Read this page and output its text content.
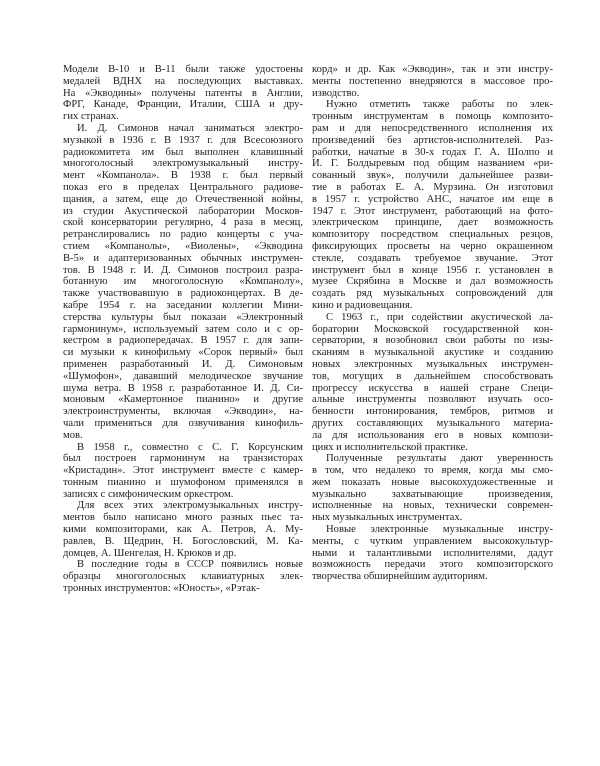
Модели В-10 и В-11 были также удостоены
медалей ВДНХ на последующих выставках.
На «Экводины» получены патенты в Англии,
ФРГ, Канаде, Франции, Италии, США и дру-
гих странах.
И. Д. Симонов начал заниматься электро-
музыкой в 1936 г. В 1937 г. для Всесоюзного
радиокомитета им был выполнен клавишный
многоголосный электромузыкальный инстру-
мент «Компанола». В 1938 г. был первый
показ его в пределах Центрального радиове-
щания, а затем, еще до Отечественной войны,
из студии Акустической лаборатории Москов-
ской консерватории регулярно, 4 раза в месяц,
ретранслировались по радио концерты с уча-
стием «Компанолы», «Виолены», «Экводина
В-5» и адаптеризованных обычных инструмен-
тов. В 1948 г. И. Д. Симонов построил разра-
ботанную им многоголосную «Компанолу»,
также участвовавшую в радиоконцертах. В де-
кабре 1954 г. на заседании коллегии Мини-
стерства культуры был показан «Электронный
гармонинум», используемый затем соло и с ор-
кестром в радиопередачах. В 1957 г. для запи-
си музыки к кинофильму «Сорок первый» был
применен разработанный И. Д. Симоновым
«Шумофон», дававший мелодическое звучание
шума ветра. В 1958 г. разработанное И. Д. Си-
моновым «Камертонное пианино» и другие
электроинструменты, включая «Экводин», на-
чали применяться для озвучивания кинофиль-
мов.
В 1958 г., совместно с С. Г. Корсунским
был построен гармонинум на транзисторах
«Кристадин». Этот инструмент вместе с камер-
тонным пианино и шумофоном применялся в
записях с симфоническим оркестром.
Для всех этих электромузыкальных инстру-
ментов было написано много разных пьес та-
кими композиторами, как А. Петров, А. Му-
равлев, В. Щедрин, Н. Богословский, М. Ка-
домцев, А. Шенгелая, Н. Крюков и др.
В последние годы в СССР появились новые
образцы многоголосных клавиатурных элек-
тронных инструментов: «Юность», «Рэтак-
корд» и др. Как «Экводин», так и эти инстру-
менты постепенно внедряются в массовое про-
изводство.
Нужно отметить также работы по элек-
тронным инструментам в помощь композито-
рам и для непосредственного исполнения их
произведений без артистов-исполнителей. Раз-
работки, начатые в 30-х годах Г. А. Шолпо и
И. Г. Болдыревым под общим названием «ри-
сованный звук», получили дальнейшее разви-
тие в работах Е. А. Мурзина. Он изготовил
в 1957 г. устройство АНС, начатое им еще в
1947 г. Этот инструмент, работающий на фото-
электрическом принципе, дает возможность
композитору посредством специальных резцов,
фиксирующих просветы на черно окрашенном
стекле, создавать требуемое звучание. Этот
инструмент был в конце 1956 г. установлен в
музее Скрябина в Москве и дал возможность
создать ряд музыкальных сопровождений для
кино и радиовещания.
С 1963 г., при содействии акустической ла-
боратории Московской государственной кон-
серватории, я возобновил свои работы по изы-
сканиям в музыкальной акустике и созданию
новых электронных музыкальных инструмен-
тов, могущих в дальнейшем способствовать
прогрессу искусства в нашей стране Специ-
альные инструменты позволяют изучать осо-
бенности интонирования, тембров, ритмов и
других составляющих музыкального материа-
ла для использования его в новых компози-
циях и исполнительской практике.
Полученные результаты дают уверенность
в том, что недалеко то время, когда мы смо-
жем показать новые высокохудожественные и
музыкально захватывающие произведения,
исполненные на новых, технически современ-
ных музыкальных инструментах.
Новые электронные музыкальные инстру-
менты, с чутким управлением высококультур-
ными и талантливыми исполнителями, дадут
возможность передачи этого композиторского
творчества обширнейшим аудиториям.
